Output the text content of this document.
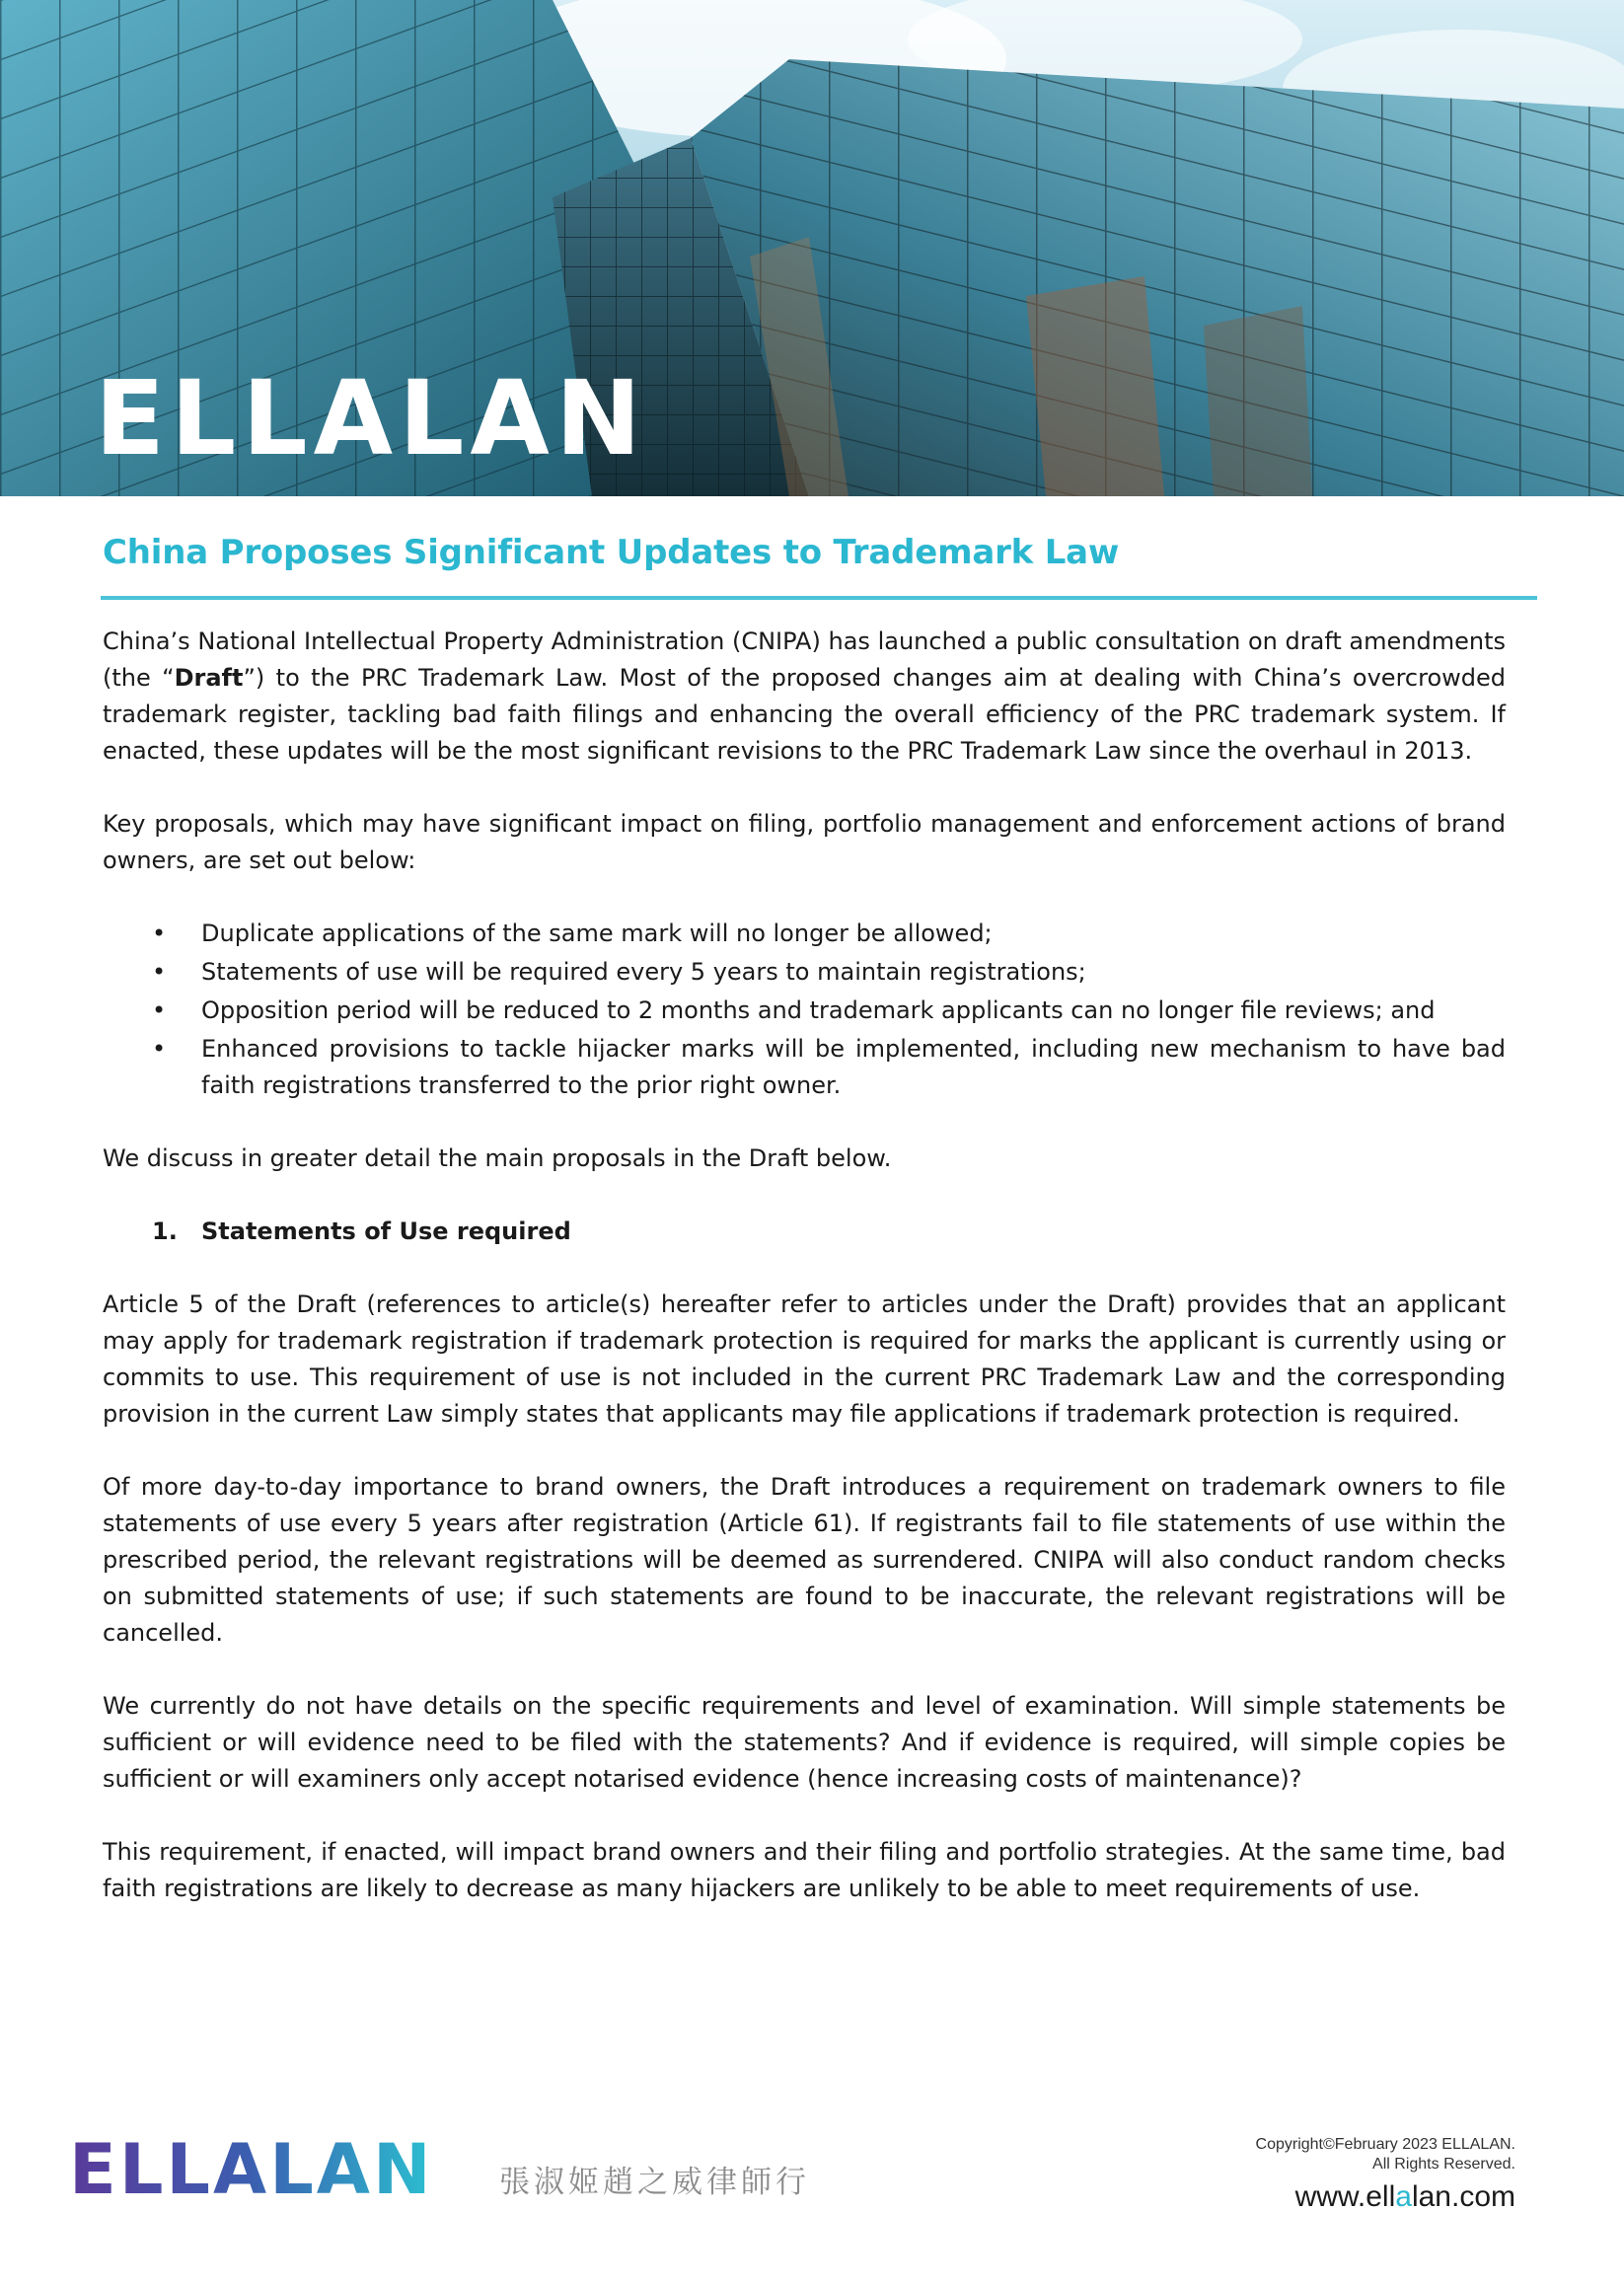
ELLALAN
China Proposes Significant Updates to Trademark Law

China’s National Intellectual Property Administration (CNIPA) has launched a public consultation on draft amendments (the “Draft”) to the PRC Trademark Law. Most of the proposed changes aim at dealing with China’s overcrowded trademark register, tackling bad faith filings and enhancing the overall efficiency of the PRC trademark system. If enacted, these updates will be the most significant revisions to the PRC Trademark Law since the overhaul in 2013.

Key proposals, which may have significant impact on filing, portfolio management and enforcement actions of brand owners, are set out below:

• Duplicate applications of the same mark will no longer be allowed;
• Statements of use will be required every 5 years to maintain registrations;
• Opposition period will be reduced to 2 months and trademark applicants can no longer file reviews; and
• Enhanced provisions to tackle hijacker marks will be implemented, including new mechanism to have bad faith registrations transferred to the prior right owner.

We discuss in greater detail the main proposals in the Draft below.

1. Statements of Use required

Article 5 of the Draft (references to article(s) hereafter refer to articles under the Draft) provides that an applicant may apply for trademark registration if trademark protection is required for marks the applicant is currently using or commits to use. This requirement of use is not included in the current PRC Trademark Law and the corresponding provision in the current Law simply states that applicants may file applications if trademark protection is required.

Of more day-to-day importance to brand owners, the Draft introduces a requirement on trademark owners to file statements of use every 5 years after registration (Article 61). If registrants fail to file statements of use within the prescribed period, the relevant registrations will be deemed as surrendered. CNIPA will also conduct random checks on submitted statements of use; if such statements are found to be inaccurate, the relevant registrations will be cancelled.

We currently do not have details on the specific requirements and level of examination. Will simple statements be sufficient or will evidence need to be filed with the statements? And if evidence is required, will simple copies be sufficient or will examiners only accept notarised evidence (hence increasing costs of maintenance)?

This requirement, if enacted, will impact brand owners and their filing and portfolio strategies. At the same time, bad faith registrations are likely to decrease as many hijackers are unlikely to be able to meet requirements of use.

ELLALAN 張淑姬趙之威律師行
Copyright©February 2023 ELLALAN.
All Rights Reserved.
www.ellalan.com
